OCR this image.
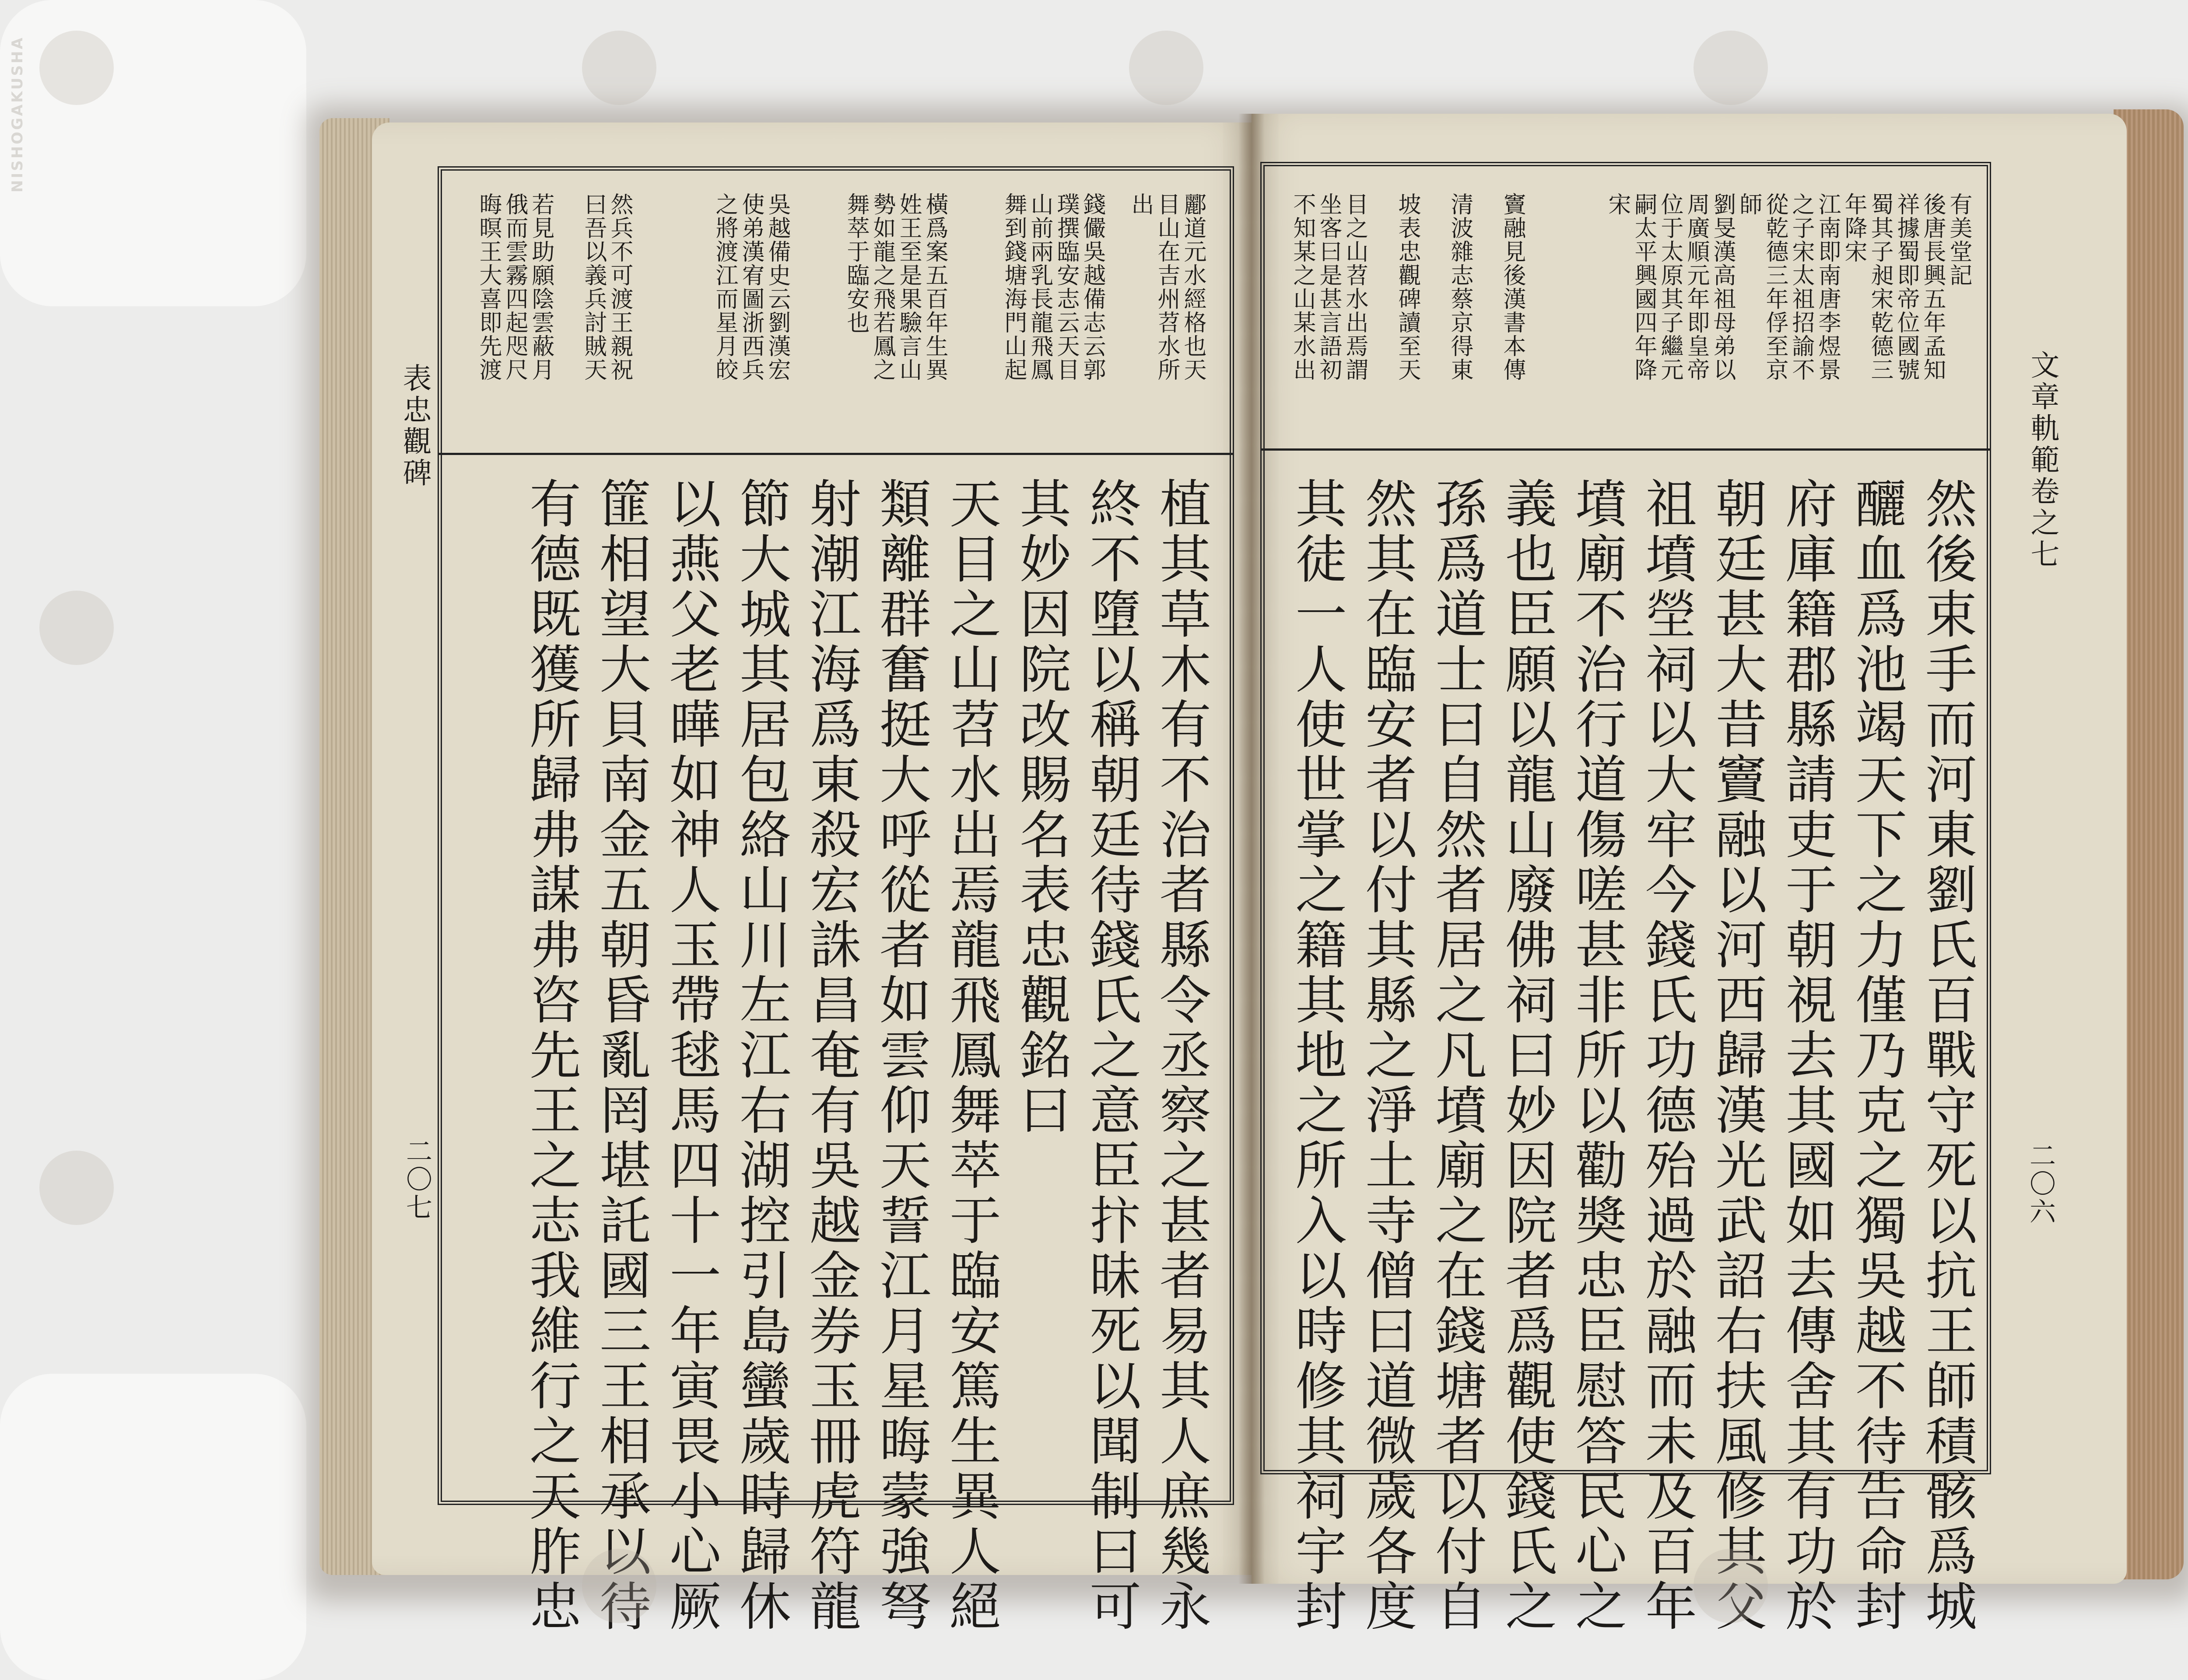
文章軌範卷之七
表忠觀碑
二〇六
二〇七
有美堂記
後唐長興五年孟知
祥據蜀即帝位國號
蜀其子昶宋乾德三
年降宋
江南即南唐李煜景
之子宋太祖招諭不
從乾德三年俘至京
師
劉旻漢高祖母弟以
周廣順元年即皇帝
位于太原其子繼元
嗣太平興國四年降
宋
竇融見後漢書本傳
清波雜志蔡京得東
坡表忠觀碑讀至天
目之山苕水出焉謂
坐客曰是甚言語初
不知某之山某水出
然後束手而河東劉氏百戰守死以抗王師積骸爲城
釃血爲池竭天下之力僅乃克之獨吳越不待告命封
府庫籍郡縣請吏于朝視去其國如去傳舍其有功於
朝廷甚大昔竇融以河西歸漢光武詔右扶風修其父
祖墳塋祠以大牢今錢氏功德殆過於融而未及百年
墳廟不治行道傷嗟甚非所以勸奬忠臣慰答民心之
義也臣願以龍山廢佛祠曰妙因院者爲觀使錢氏之
孫爲道士曰自然者居之凡墳廟之在錢塘者以付自
然其在臨安者以付其縣之淨土寺僧曰道微歲各度
其徒一人使世掌之籍其地之所入以時修其祠宇封
酈道元水經格也天
目山在吉州苕水所
出
錢儼吳越備志云郭
璞撰臨安志云天目
山前兩乳長龍飛鳳
舞到錢塘海門山起
橫爲案五百年生異
姓王至是果驗言山
勢如龍之飛若鳳之
舞萃于臨安也
吳越備史云劉漢宏
使弟漢宥圖浙西兵
之將渡江而星月皎
然兵不可渡王親祝
曰吾以義兵討賊天
若見助願陰雲蔽月
俄而雲霧四起咫尺
晦暝王大喜即先渡
植其草木有不治者縣令丞察之甚者易其人庶幾永
終不墮以稱朝廷待錢氏之意臣抃昧死以聞制曰可
其妙因院改賜名表忠觀銘曰
天目之山苕水出焉龍飛鳳舞萃于臨安篤生異人絕
類離群奮挺大呼從者如雲仰天誓江月星晦蒙強弩
射潮江海爲東殺宏誅昌奄有吳越金券玉冊虎符龍
節大城其居包絡山川左江右湖控引島蠻歲時歸休
以燕父老曄如神人玉帶毬馬四十一年寅畏小心厥
篚相望大貝南金五朝昏亂罔堪託國三王相承以待
有德既獲所歸弗謀弗咨先王之志我維行之天胙忠
NISHOGAKUSHA
